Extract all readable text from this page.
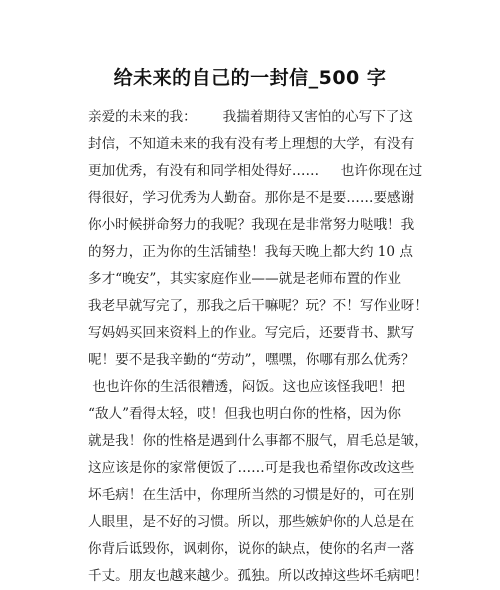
给未来的自己的一封信_500 字
亲爱的未来的我：      我揣着期待又害怕的心写下了这
封信，不知道未来的我有没有考上理想的大学，有没有
更加优秀，有没有和同学相处得好……     也许你现在过
得很好，学习优秀为人勤奋。那你是不是要……要感谢
你小时候拼命努力的我呢？我现在是非常努力哒哦！我
的努力，正为你的生活铺垫！我每天晚上都大约 10 点
多才“晚安”，其实家庭作业——就是老师布置的作业
我老早就写完了，那我之后干嘛呢？玩？不！写作业呀！
写妈妈买回来资料上的作业。写完后，还要背书、默写
呢！要不是我辛勤的“劳动”，嘿嘿，你哪有那么优秀？
也也许你的生活很糟透，闷饭。这也应该怪我吧！把
“敌人”看得太轻，哎！但我也明白你的性格，因为你
就是我！你的性格是遇到什么事都不服气，眉毛总是皱，
这应该是你的家常便饭了……可是我也希望你改改这些
坏毛病！在生活中，你理所当然的习惯是好的，可在别
人眼里，是不好的习惯。所以，那些嫉妒你的人总是在
你背后诋毁你，讽刺你，说你的缺点，使你的名声一落
千丈。朋友也越来越少。孤独。所以改掉这些坏毛病吧！
